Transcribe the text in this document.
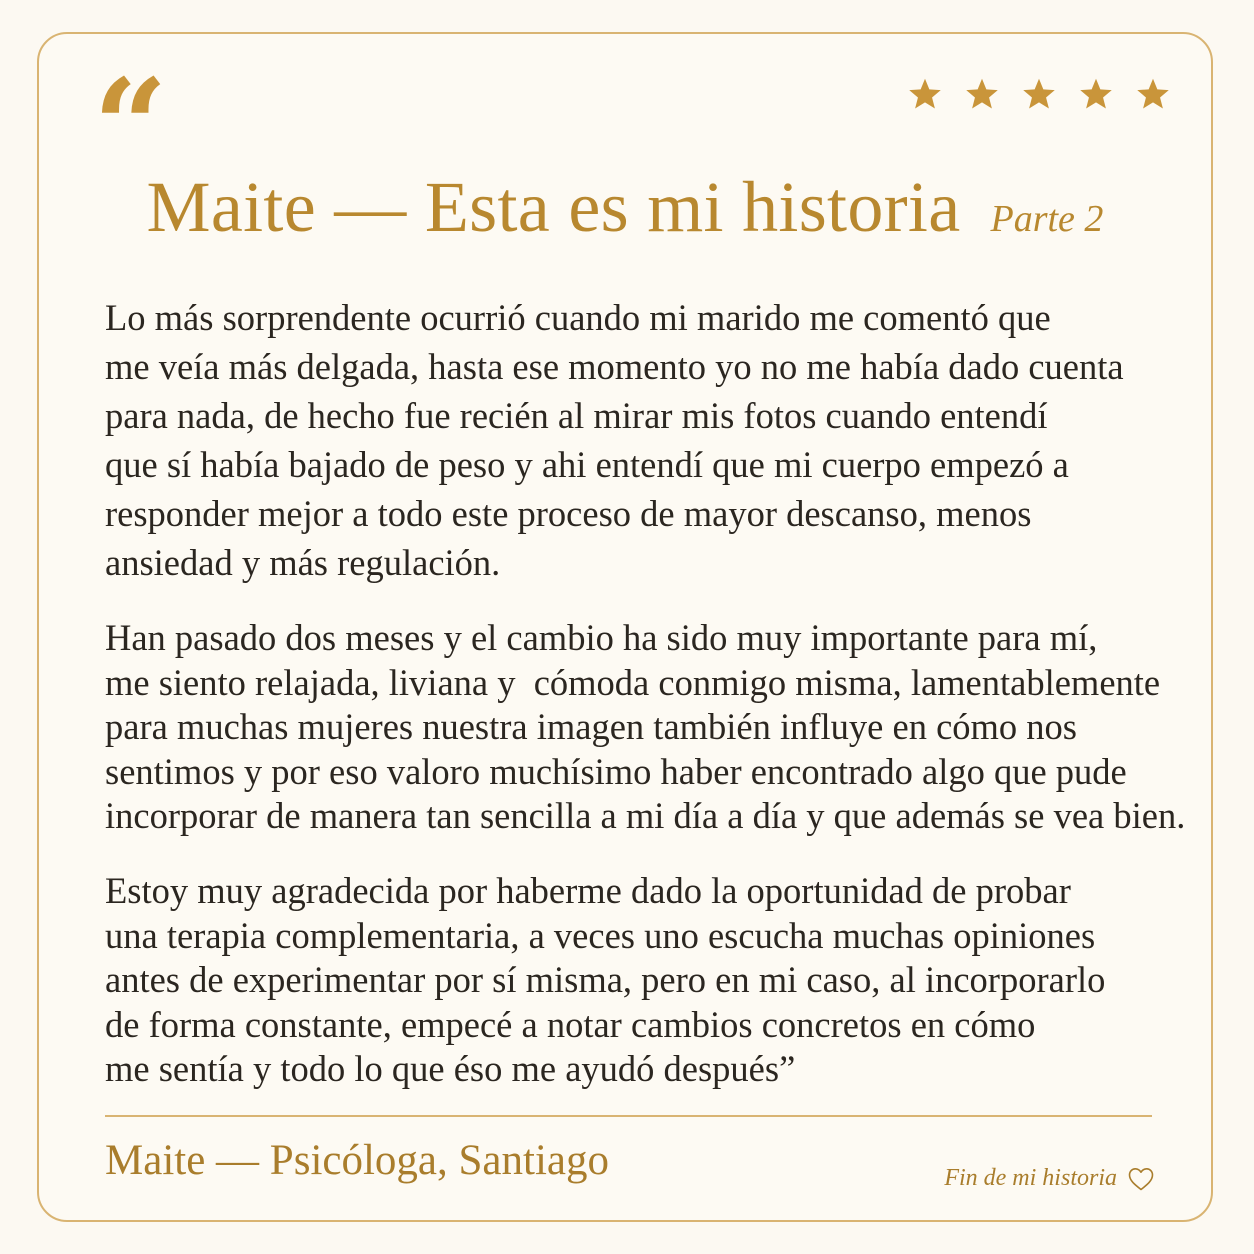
“
Maite — Esta es mi historia Parte 2

Lo más sorprendente ocurrió cuando mi marido me comentó que
me veía más delgada, hasta ese momento yo no me había dado cuenta
para nada, de hecho fue recién al mirar mis fotos cuando entendí
que sí había bajado de peso y ahi entendí que mi cuerpo empezó a
responder mejor a todo este proceso de mayor descanso, menos
ansiedad y más regulación.

Han pasado dos meses y el cambio ha sido muy importante para mí,
me siento relajada, liviana y  cómoda conmigo misma, lamentablemente
para muchas mujeres nuestra imagen también influye en cómo nos
sentimos y por eso valoro muchísimo haber encontrado algo que pude
incorporar de manera tan sencilla a mi día a día y que además se vea bien.

Estoy muy agradecida por haberme dado la oportunidad de probar
una terapia complementaria, a veces uno escucha muchas opiniones
antes de experimentar por sí misma, pero en mi caso, al incorporarlo
de forma constante, empecé a notar cambios concretos en cómo
me sentía y todo lo que éso me ayudó después”

Maite — Psicóloga, Santiago	Fin de mi historia
